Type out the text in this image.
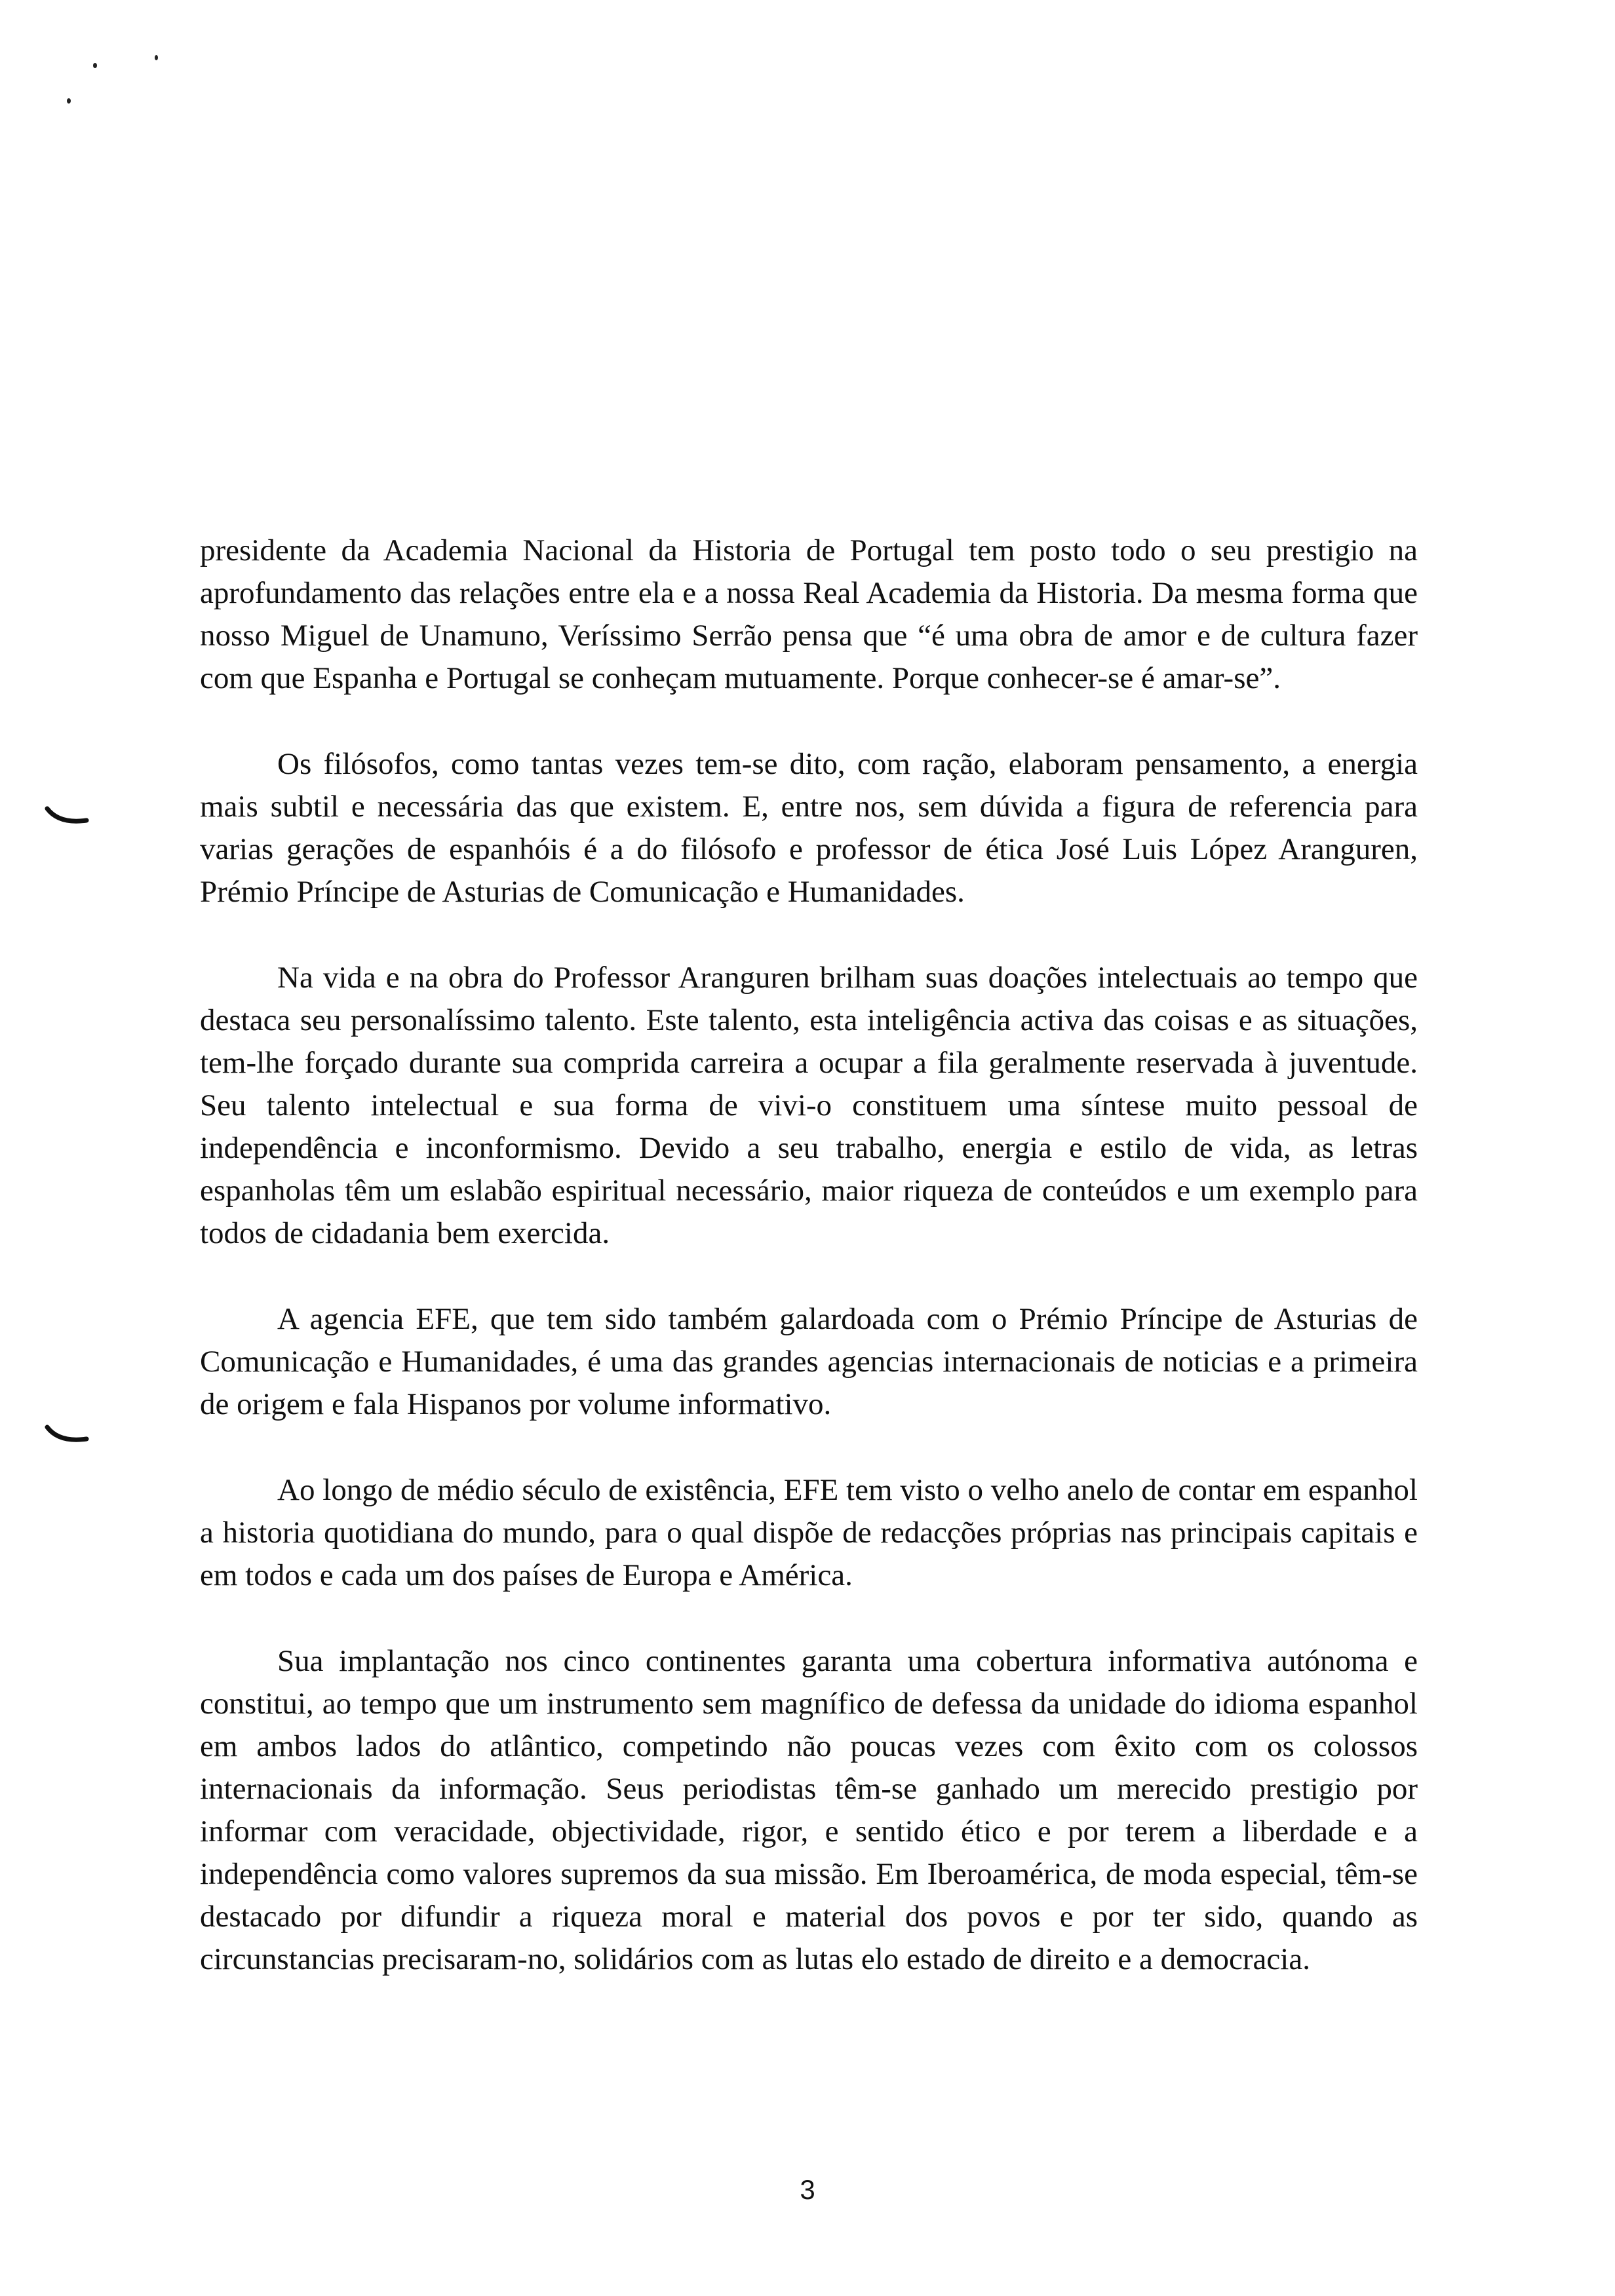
presidente da Academia Nacional da Historia de Portugal tem posto todo o seu prestigio na aprofundamento das relações entre ela e a nossa Real Academia da Historia. Da mesma forma que nosso Miguel de Unamuno, Veríssimo Serrão pensa que “é uma obra de amor e de cultura fazer com que Espanha e Portugal se conheçam mutuamente. Porque conhecer-se é amar-se”.

Os filósofos, como tantas vezes tem-se dito, com ração, elaboram pensamento, a energia mais subtil e necessária das que existem. E, entre nos, sem dúvida a figura de referencia para varias gerações de espanhóis é a do filósofo e professor de ética José Luis López Aranguren, Prémio Príncipe de Asturias de Comunicação e Humanidades.

Na vida e na obra do Professor Aranguren brilham suas doações intelectuais ao tempo que destaca seu personalíssimo talento. Este talento, esta inteligência activa das coisas e as situações, tem-lhe forçado durante sua comprida carreira a ocupar a fila geralmente reservada à juventude. Seu talento intelectual e sua forma de vivi-o constituem uma síntese muito pessoal de independência e inconformismo. Devido a seu trabalho, energia e estilo de vida, as letras espanholas têm um eslabão espiritual necessário, maior riqueza de conteúdos e um exemplo para todos de cidadania bem exercida.

A agencia EFE, que tem sido também galardoada com o Prémio Príncipe de Asturias de Comunicação e Humanidades, é uma das grandes agencias internacionais de noticias e a primeira de origem e fala Hispanos por volume informativo.

Ao longo de médio século de existência, EFE tem visto o velho anelo de contar em espanhol a historia quotidiana do mundo, para o qual dispõe de redacções próprias nas principais capitais e em todos e cada um dos países de Europa e América.

Sua implantação nos cinco continentes garanta uma cobertura informativa autónoma e constitui, ao tempo que um instrumento sem magnífico de defessa da unidade do idioma espanhol em ambos lados do atlântico, competindo não poucas vezes com êxito com os colossos internacionais da informação. Seus periodistas têm-se ganhado um merecido prestigio por informar com veracidade, objectividade, rigor, e sentido ético e por terem a liberdade e a independência como valores supremos da sua missão. Em Iberoamérica, de moda especial, têm-se destacado por difundir a riqueza moral e material dos povos e por ter sido, quando as circunstancias precisaram-no, solidários com as lutas elo estado de direito e a democracia.

3
